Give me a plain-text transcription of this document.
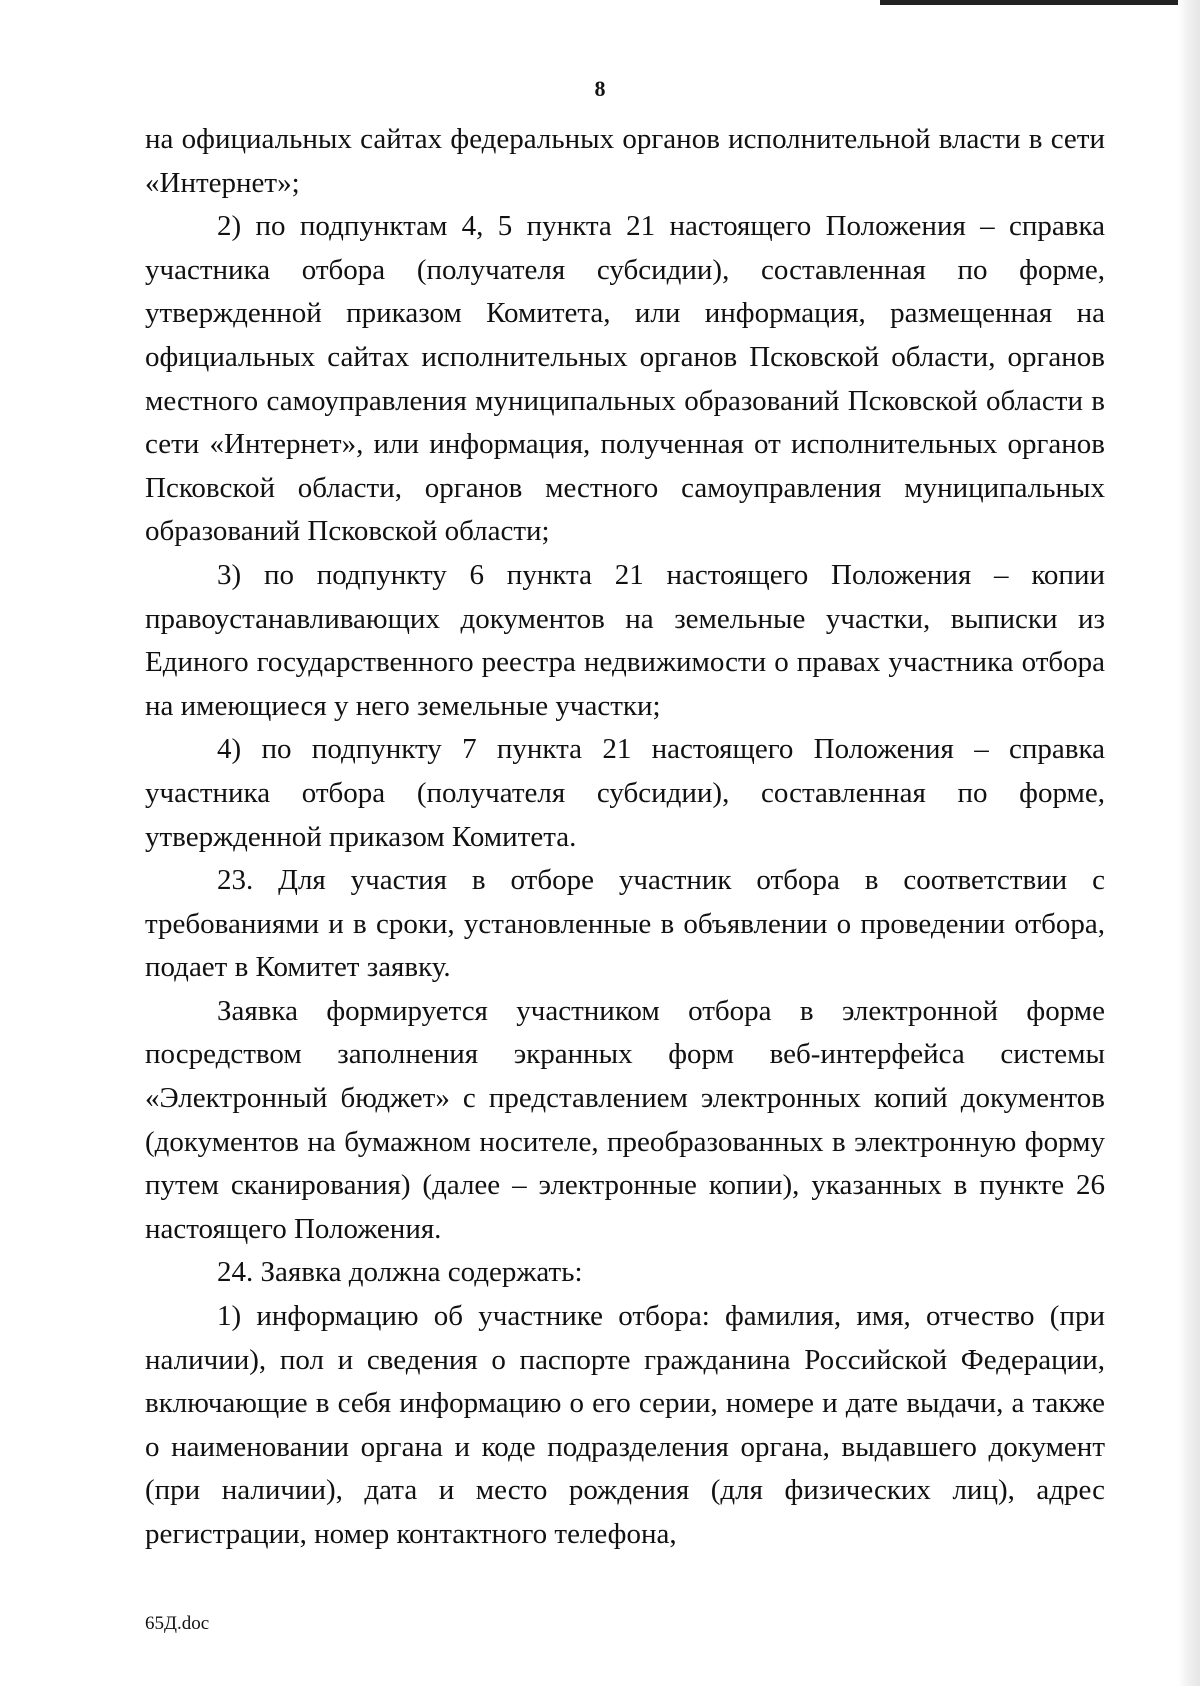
8

на официальных сайтах федеральных органов исполнительной власти в сети «Интернет»;

2) по подпунктам 4, 5 пункта 21 настоящего Положения – справка участника отбора (получателя субсидии), составленная по форме, утвержденной приказом Комитета, или информация, размещенная на официальных сайтах исполнительных органов Псковской области, органов местного самоуправления муниципальных образований Псковской области в сети «Интернет», или информация, полученная от исполнительных органов Псковской области, органов местного самоуправления муниципальных образований Псковской области;

3) по подпункту 6 пункта 21 настоящего Положения – копии правоустанавливающих документов на земельные участки, выписки из Единого государственного реестра недвижимости о правах участника отбора на имеющиеся у него земельные участки;

4) по подпункту 7 пункта 21 настоящего Положения – справка участника отбора (получателя субсидии), составленная по форме, утвержденной приказом Комитета.

23. Для участия в отборе участник отбора в соответствии с требованиями и в сроки, установленные в объявлении о проведении отбора, подает в Комитет заявку.

Заявка формируется участником отбора в электронной форме посредством заполнения экранных форм веб-интерфейса системы «Электронный бюджет» с представлением электронных копий документов (документов на бумажном носителе, преобразованных в электронную форму путем сканирования) (далее – электронные копии), указанных в пункте 26 настоящего Положения.

24. Заявка должна содержать:

1) информацию об участнике отбора: фамилия, имя, отчество (при наличии), пол и сведения о паспорте гражданина Российской Федерации, включающие в себя информацию о его серии, номере и дате выдачи, а также о наименовании органа и коде подразделения органа, выдавшего документ (при наличии), дата и место рождения (для физических лиц), адрес регистрации, номер контактного телефона,

65Д.doc
